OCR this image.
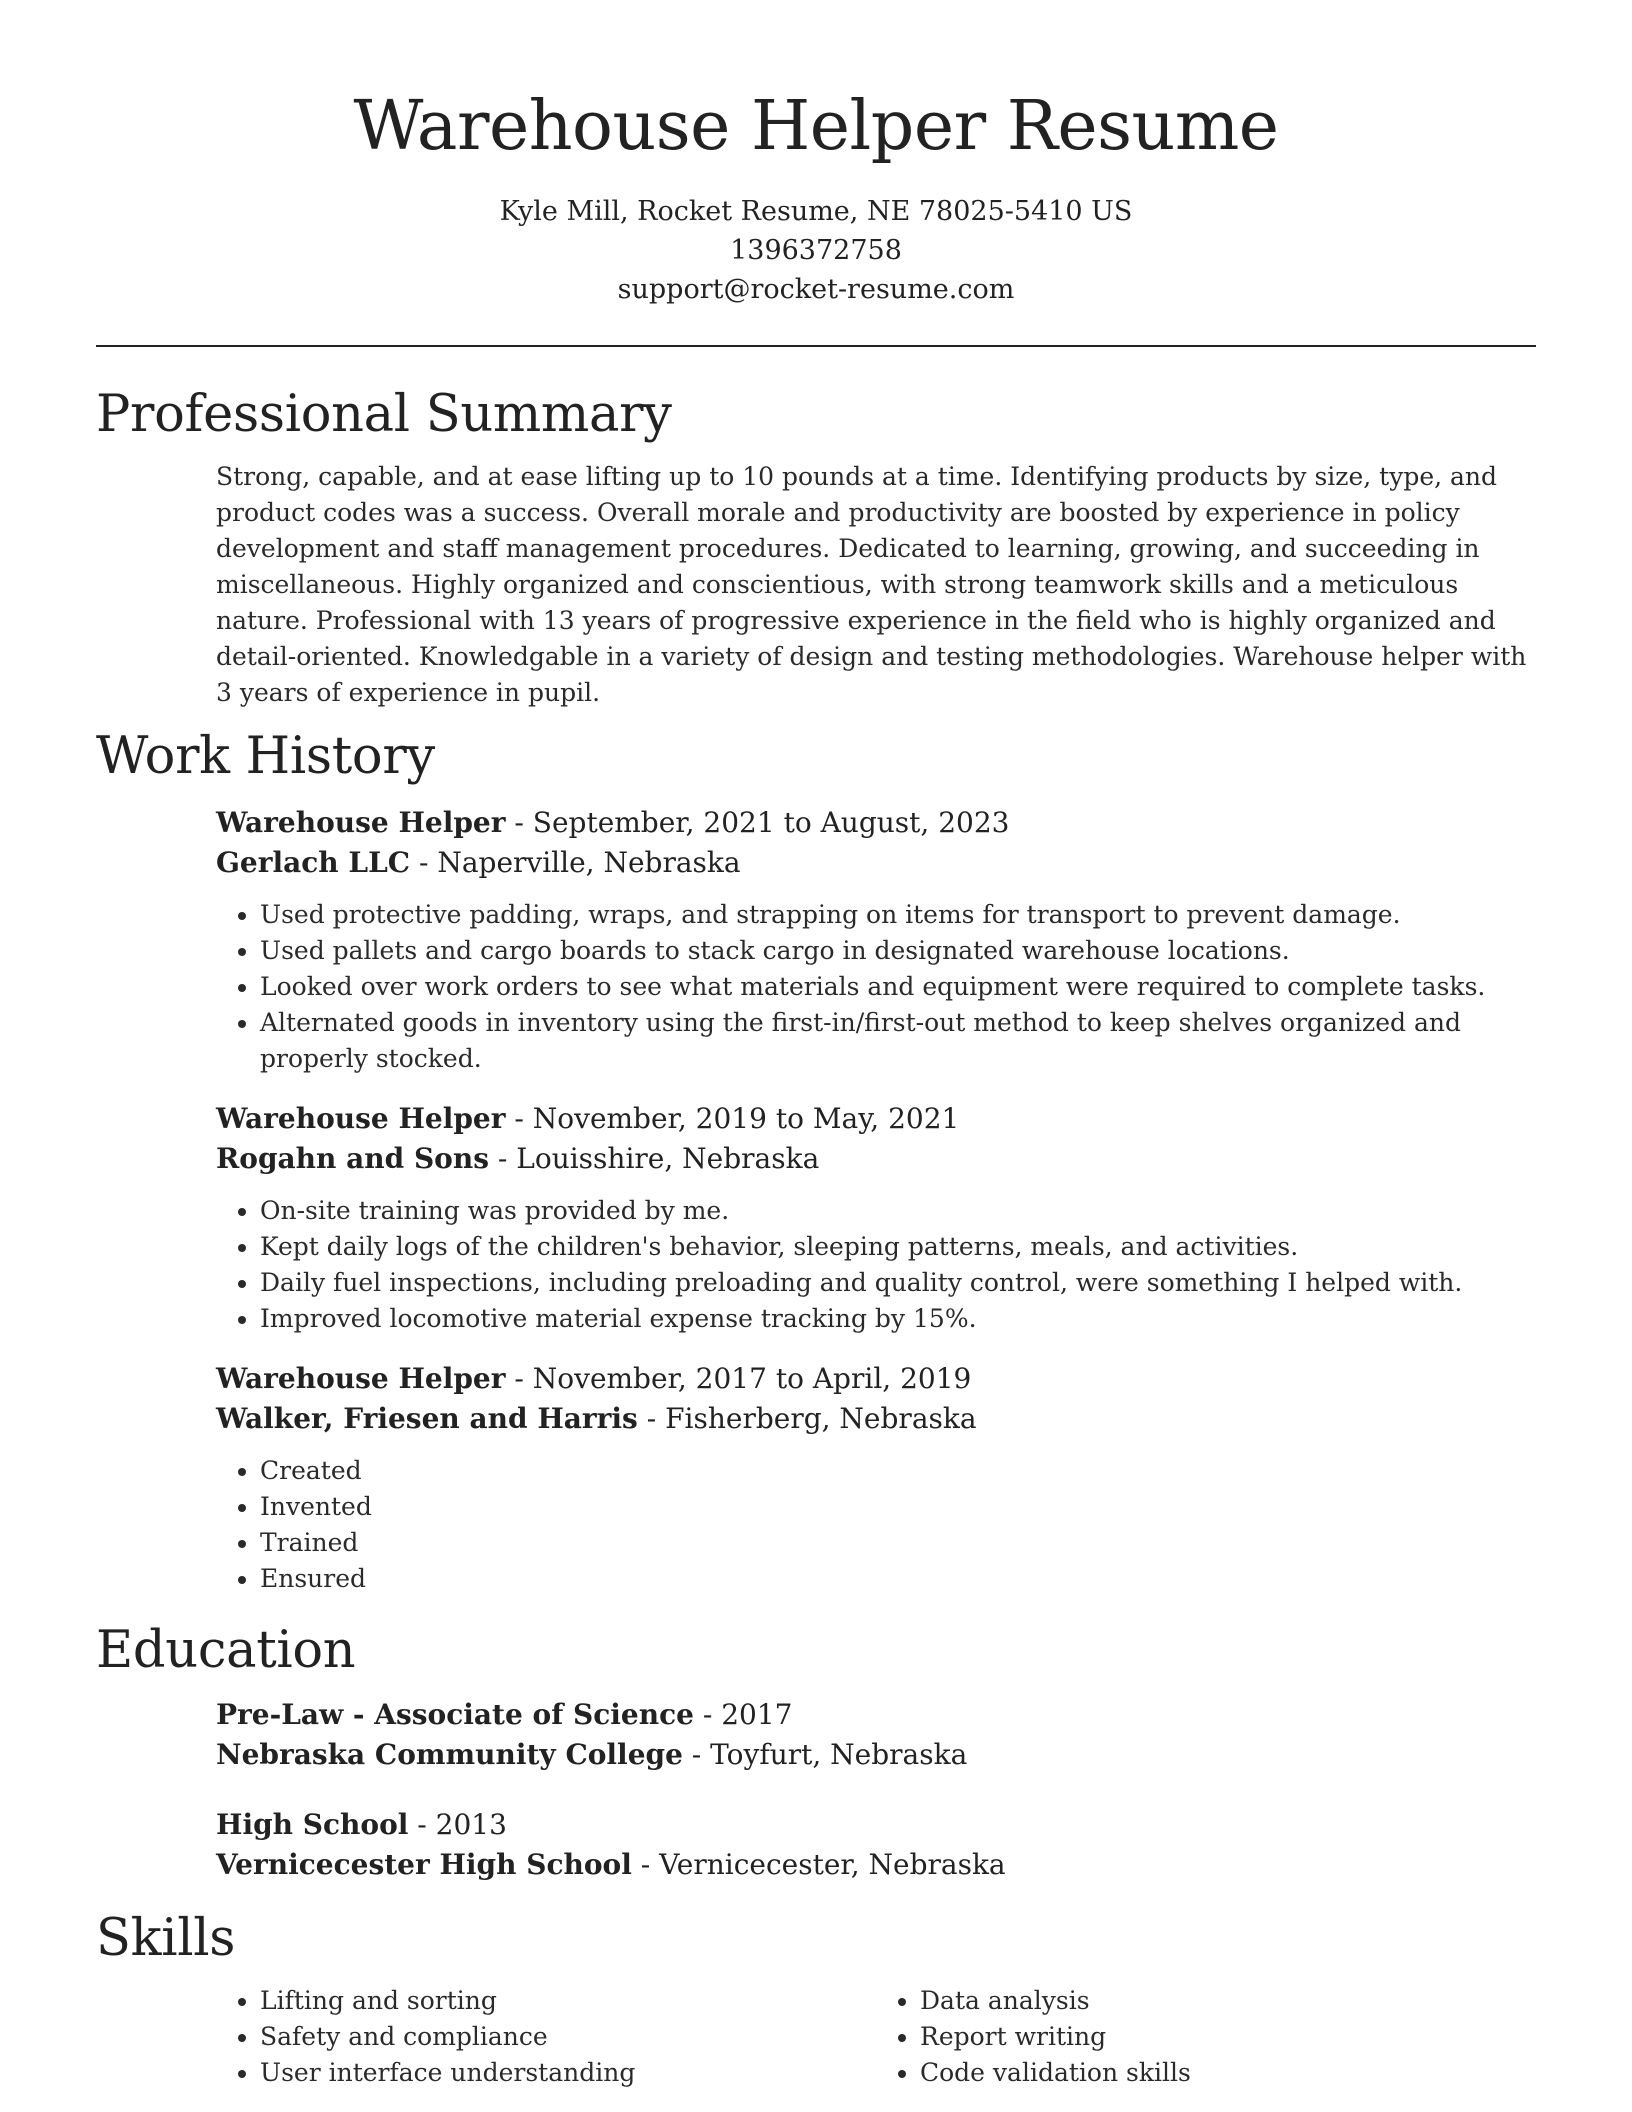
Warehouse Helper Resume
Kyle Mill, Rocket Resume, NE 78025-5410 US
1396372758
support@rocket-resume.com
Professional Summary

Strong, capable, and at ease lifting up to 10 pounds at a time. Identifying products by size, type, and product codes was a success. Overall morale and productivity are boosted by experience in policy development and staff management procedures. Dedicated to learning, growing, and succeeding in miscellaneous. Highly organized and conscientious, with strong teamwork skills and a meticulous nature. Professional with 13 years of progressive experience in the field who is highly organized and detail-oriented. Knowledgable in a variety of design and testing methodologies. Warehouse helper with 3 years of experience in pupil.

Work History
Warehouse Helper - September, 2021 to August, 2023
Gerlach LLC - Naperville, Nebraska
• Used protective padding, wraps, and strapping on items for transport to prevent damage.
• Used pallets and cargo boards to stack cargo in designated warehouse locations.
• Looked over work orders to see what materials and equipment were required to complete tasks.
• Alternated goods in inventory using the first-in/first-out method to keep shelves organized and properly stocked.
Warehouse Helper - November, 2019 to May, 2021
Rogahn and Sons - Louisshire, Nebraska
• On-site training was provided by me.
• Kept daily logs of the children's behavior, sleeping patterns, meals, and activities.
• Daily fuel inspections, including preloading and quality control, were something I helped with.
• Improved locomotive material expense tracking by 15%.
Warehouse Helper - November, 2017 to April, 2019
Walker, Friesen and Harris - Fisherberg, Nebraska
• Created
• Invented
• Trained
• Ensured
Education
Pre-Law - Associate of Science - 2017
Nebraska Community College - Toyfurt, Nebraska
High School - 2013
Vernicecester High School - Vernicecester, Nebraska
Skills
• Lifting and sorting
• Safety and compliance
• User interface understanding
• Data analysis
• Report writing
• Code validation skills
